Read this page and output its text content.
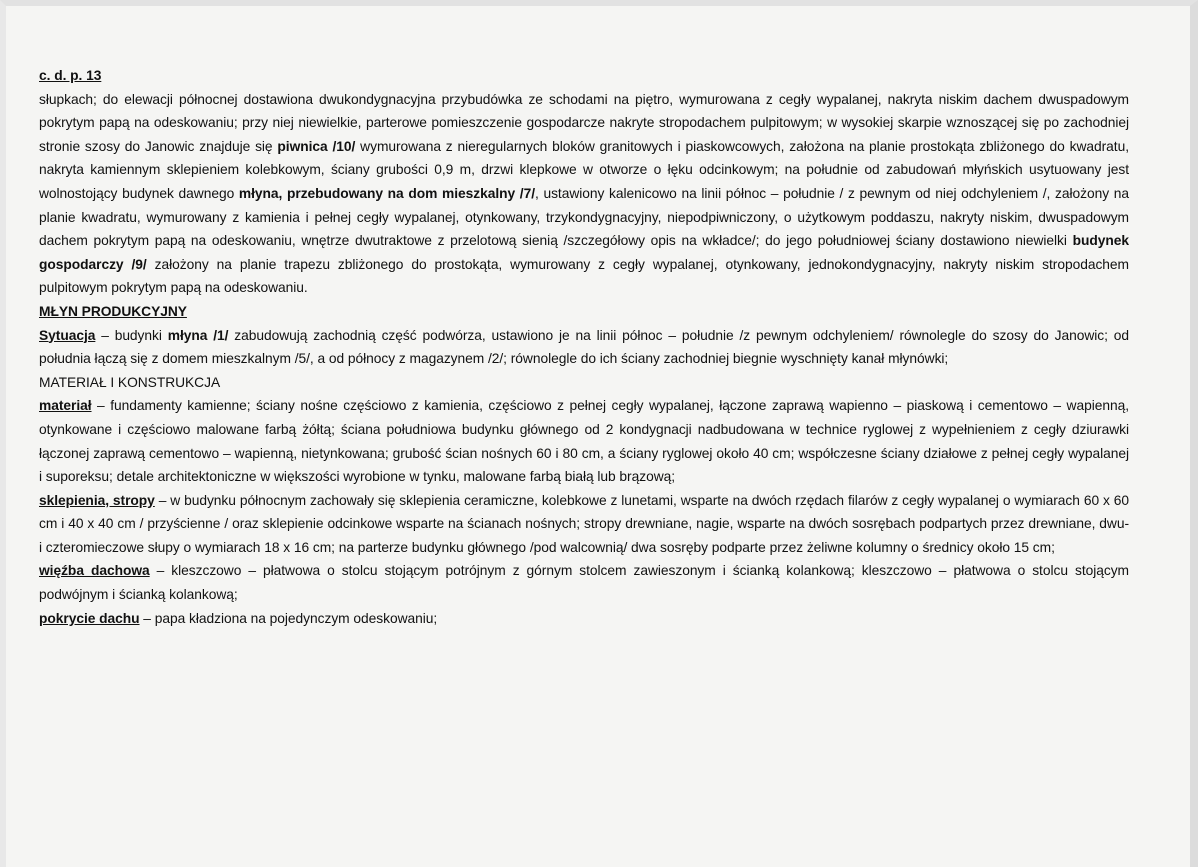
c. d. p. 13

słupkach; do elewacji północnej dostawiona dwukondygnacyjna przybudówka ze schodami na piętro, wymurowana z cegły wypalanej, nakryta niskim dachem dwuspadowym pokrytym papą na odeskowaniu; przy niej niewielkie, parterowe pomieszczenie gospodarcze nakryte stropodachem pulpitowym; w wysokiej skarpie wznoszącej się po zachodniej stronie szosy do Janowic znajduje się piwnica /10/ wymurowana z nieregularnych bloków granitowych i piaskowcowych, założona na planie prostokąta zbliżonego do kwadratu, nakryta kamiennym sklepieniem kolebkowym, ściany grubości 0,9 m, drzwi klepkowe w otworze o łęku odcinkowym; na południe od zabudowań młyńskich usytuowany jest wolnostojący budynek dawnego młyna, przebudowany na dom mieszkalny /7/, ustawiony kalenicowo na linii północ – południe / z pewnym od niej odchyleniem /, założony na planie kwadratu, wymurowany z kamienia i pełnej cegły wypalanej, otynkowany, trzykondygnacyjny, niepodpiwniczony, o użytkowym poddaszu, nakryty niskim, dwuspadowym dachem pokrytym papą na odeskowaniu, wnętrze dwutraktowe z przelotową sienią /szczegółowy opis na wkładce/; do jego południowej ściany dostawiono niewielki budynek gospodarczy /9/ założony na planie trapezu zbliżonego do prostokąta, wymurowany z cegły wypalanej, otynkowany, jednokondygnacyjny, nakryty niskim stropodachem pulpitowym pokrytym papą na odeskowaniu.

MŁYN PRODUKCYJNY

Sytuacja – budynki młyna /1/ zabudowują zachodnią część podwórza, ustawiono je na linii północ – południe /z pewnym odchyleniem/ równolegle do szosy do Janowic; od południa łączą się z domem mieszkalnym /5/, a od północy z magazynem /2/; równolegle do ich ściany zachodniej biegnie wyschnięty kanał młynówki;

MATERIAŁ I KONSTRUKCJA

materiał – fundamenty kamienne; ściany nośne częściowo z kamienia, częściowo z pełnej cegły wypalanej, łączone zaprawą wapienno – piaskową i cementowo – wapienną, otynkowane i częściowo malowane farbą żółtą; ściana południowa budynku głównego od 2 kondygnacji nadbudowana w technice ryglowej z wypełnieniem z cegły dziurawki łączonej zaprawą cementowo – wapienną, nietynkowana; grubość ścian nośnych 60 i 80 cm, a ściany ryglowej około 40 cm; współczesne ściany działowe z pełnej cegły wypalanej i suporeksu; detale architektoniczne w większości wyrobione w tynku, malowane farbą białą lub brązową;

sklepienia, stropy – w budynku północnym zachowały się sklepienia ceramiczne, kolebkowe z lunetami, wsparte na dwóch rzędach filarów z cegły wypalanej o wymiarach 60 x 60 cm i 40 x 40 cm / przyścienne / oraz sklepienie odcinkowe wsparte na ścianach nośnych; stropy drewniane, nagie, wsparte na dwóch sosrębach podpartych przez drewniane, dwu- i czteromieczowe słupy o wymiarach 18 x 16 cm; na parterze budynku głównego /pod walcownią/ dwa sosręby podparte przez żeliwne kolumny o średnicy około 15 cm;

więźba dachowa – kleszczowo – płatwowa o stolcu stojącym potrójnym z górnym stolcem zawieszonym i ścianką kolankową; kleszczowo – płatwowa o stolcu stojącym podwójnym i ścianką kolankową;

pokrycie dachu – papa kładziona na pojedynczym odeskowaniu;
